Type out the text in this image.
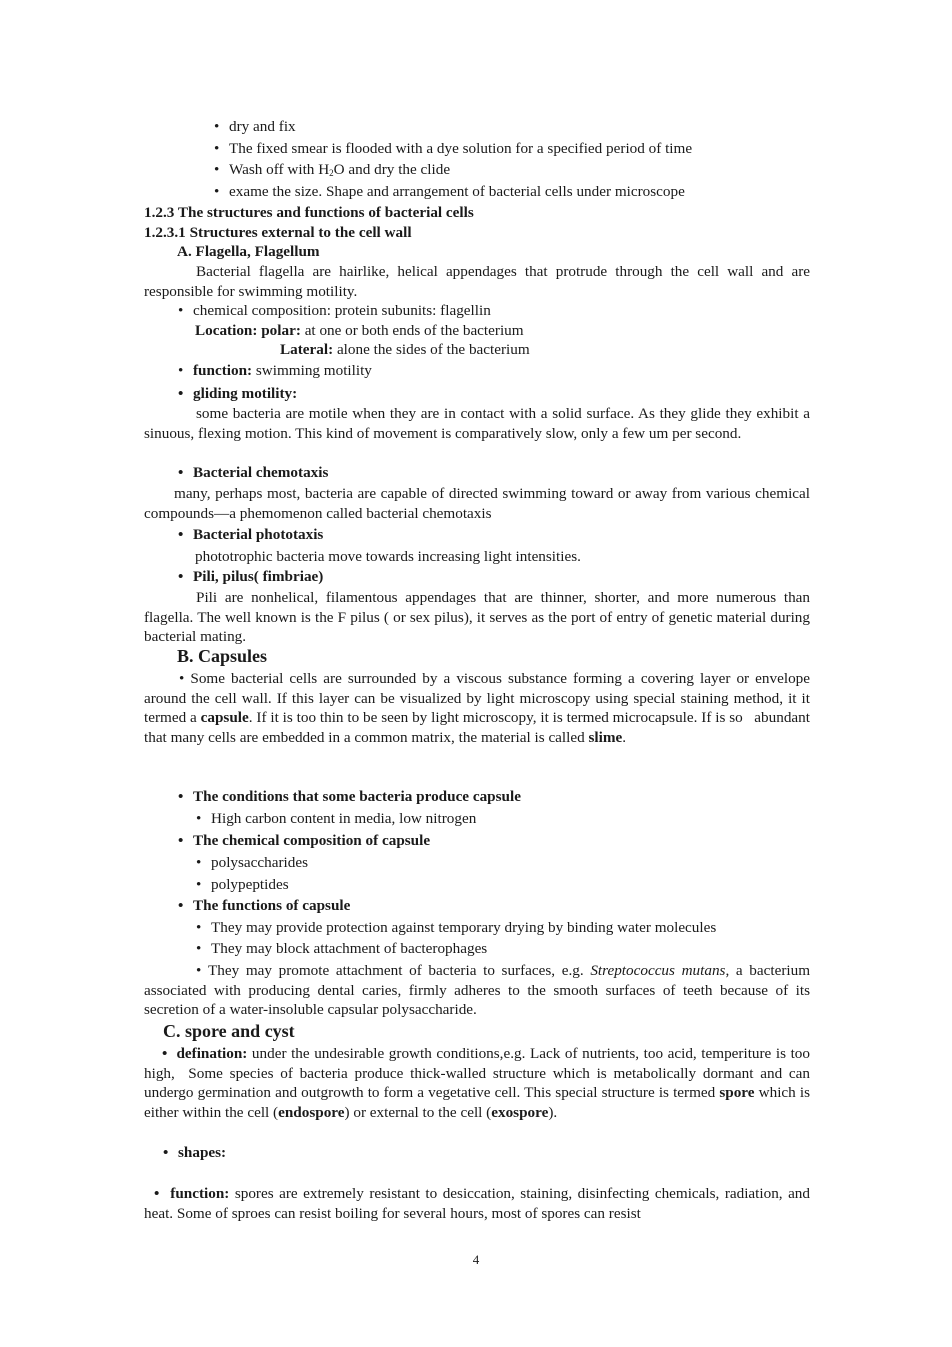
• dry and fix
• The fixed smear is flooded with a dye solution for a specified period of time
• Wash off with $H_2O$ and dry the clide
• exame the size. Shape and arrangement of bacterial cells under microscope
1.2.3 The structures and functions of bacterial cells
1.2.3.1 Structures external to the cell wall
A. Flagella, Flagellum
Bacterial flagella are hairlike, helical appendages that protrude through the cell wall and are responsible for swimming motility.
• chemical composition: protein subunits: flagellin
Location: polar: at one or both ends of the bacterium
Lateral: alone the sides of the bacterium
• function: swimming motility
• gliding motility:
some bacteria are motile when they are in contact with a solid surface. As they glide they exhibit a sinuous, flexing motion. This kind of movement is comparatively slow, only a few um per second.
• Bacterial chemotaxis
many, perhaps most, bacteria are capable of directed swimming toward or away from various chemical compounds—a phemomenon called bacterial chemotaxis
• Bacterial phototaxis
phototrophic bacteria move towards increasing light intensities.
• Pili, pilus( fimbriae)
Pili are nonhelical, filamentous appendages that are thinner, shorter, and more numerous than flagella. The well known is the F pilus ( or sex pilus), it serves as the port of entry of genetic material during bacterial mating.
B. Capsules
• Some bacterial cells are surrounded by a viscous substance forming a covering layer or envelope around the cell wall. If this layer can be visualized by light microscopy using special staining method, it it termed a capsule. If it is too thin to be seen by light microscopy, it is termed microcapsule. If is so   abundant that many cells are embedded in a common matrix, the material is called slime.
• The conditions that some bacteria produce capsule
• High carbon content in media, low nitrogen
• The chemical composition of capsule
• polysaccharides
• polypeptides
• The functions of capsule
• They may provide protection against temporary drying by binding water molecules
• They may block attachment of bacterophages
• They may promote attachment of bacteria to surfaces, e.g. Streptococcus mutans, a bacterium associated with producing dental caries, firmly adheres to the smooth surfaces of teeth because of its secretion of a water-insoluble capsular polysaccharide.
C. spore and cyst
•  defination: under the undesirable growth conditions,e.g. Lack of nutrients, too acid, temperiture is too high,  Some species of bacteria produce thick-walled structure which is metabolically dormant and can undergo germination and outgrowth to form a vegetative cell. This special structure is termed spore which is either within the cell (endospore) or external to the cell (exospore).
• shapes:
•  function: spores are extremely resistant to desiccation, staining, disinfecting chemicals, radiation, and heat. Some of sproes can resist boiling for several hours, most of spores can resist
4
